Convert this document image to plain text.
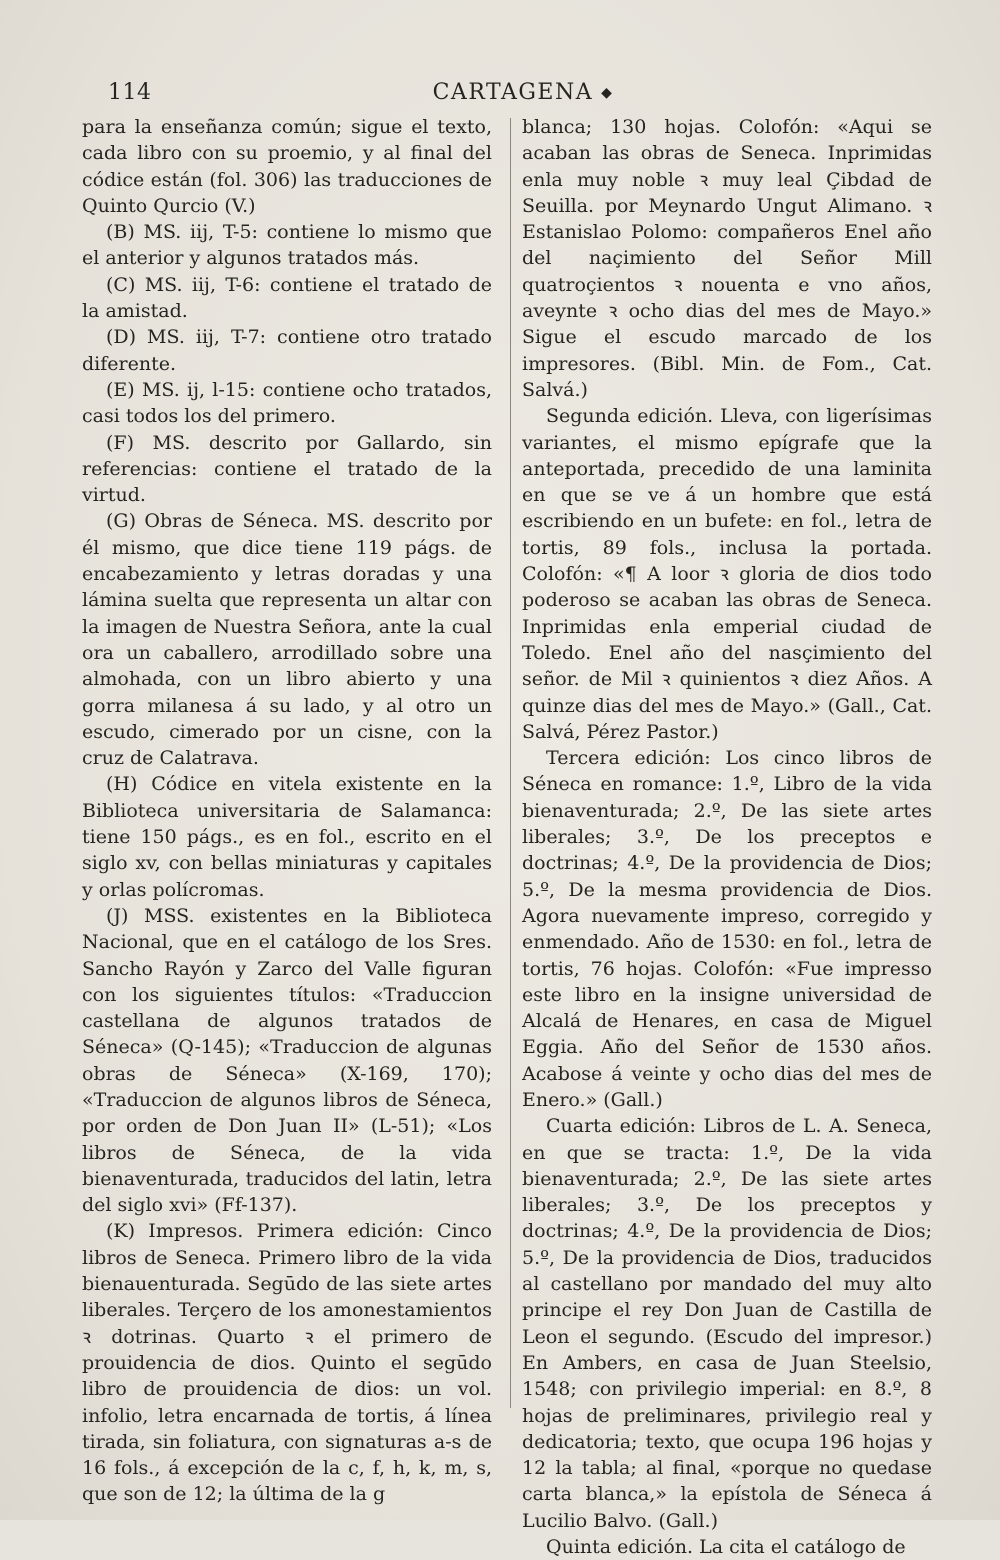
114	CARTAGENA ◆

para la enseñanza común; sigue el texto, cada libro con su proemio, y al final del códice están (fol. 306) las traducciones de Quinto Qurcio (V.)

(B) MS. iij, T-5: contiene lo mismo que el anterior y algunos tratados más.

(C) MS. iij, T-6: contiene el tratado de la amistad.

(D) MS. iij, T-7: contiene otro tratado diferente.

(E) MS. ij, l-15: contiene ocho tratados, casi todos los del primero.

(F) MS. descrito por Gallardo, sin referencias: contiene el tratado de la virtud.

(G) Obras de Séneca. MS. descrito por él mismo, que dice tiene 119 págs. de encabezamiento y letras doradas y una lámina suelta que representa un altar con la imagen de Nuestra Señora, ante la cual ora un caballero, arrodillado sobre una almohada, con un libro abierto y una gorra milanesa á su lado, y al otro un escudo, cimerado por un cisne, con la cruz de Calatrava.

(H) Códice en vitela existente en la Biblioteca universitaria de Salamanca: tiene 150 págs., es en fol., escrito en el siglo xv, con bellas miniaturas y capitales y orlas polícromas.

(J) MSS. existentes en la Biblioteca Nacional, que en el catálogo de los Sres. Sancho Rayón y Zarco del Valle figuran con los siguientes títulos: «Traduccion castellana de algunos tratados de Séneca» (Q-145); «Traduccion de algunas obras de Séneca» (X-169, 170); «Traduccion de algunos libros de Séneca, por orden de Don Juan II» (L-51); «Los libros de Séneca, de la vida bienaventurada, traducidos del latin, letra del siglo xvi» (Ff-137).

(K) Impresos. Primera edición: Cinco libros de Seneca. Primero libro de la vida bienauenturada. Segūdo de las siete artes liberales. Terçero de los amonestamientos ꝛ dotrinas. Quarto ꝛ el primero de prouidencia de dios. Quinto el segūdo libro de prouidencia de dios: un vol. infolio, letra encarnada de tortis, á línea tirada, sin foliatura, con signaturas a-s de 16 fols., á excepción de la c, f, h, k, m, s, que son de 12; la última de la g

blanca; 130 hojas. Colofón: «Aqui se acaban las obras de Seneca. Inprimidas enla muy noble ꝛ muy leal Çibdad de Seuilla. por Meynardo Ungut Alimano. ꝛ Estanislao Polomo: compañeros Enel año del naçimiento del Señor Mill quatroçientos ꝛ nouenta e vno años, aveynte ꝛ ocho dias del mes de Mayo.» Sigue el escudo marcado de los impresores. (Bibl. Min. de Fom., Cat. Salvá.)

Segunda edición. Lleva, con ligerísimas variantes, el mismo epígrafe que la anteportada, precedido de una laminita en que se ve á un hombre que está escribiendo en un bufete: en fol., letra de tortis, 89 fols., inclusa la portada. Colofón: «¶ A loor ꝛ gloria de dios todo poderoso se acaban las obras de Seneca. Inprimidas enla emperial ciudad de Toledo. Enel año del nasçimiento del señor. de Mil ꝛ quinientos ꝛ diez Años. A quinze dias del mes de Mayo.» (Gall., Cat. Salvá, Pérez Pastor.)

Tercera edición: Los cinco libros de Séneca en romance: 1.º, Libro de la vida bienaventurada; 2.º, De las siete artes liberales; 3.º, De los preceptos e doctrinas; 4.º, De la providencia de Dios; 5.º, De la mesma providencia de Dios. Agora nuevamente impreso, corregido y enmendado. Año de 1530: en fol., letra de tortis, 76 hojas. Colofón: «Fue impresso este libro en la insigne universidad de Alcalá de Henares, en casa de Miguel Eggia. Año del Señor de 1530 años. Acabose á veinte y ocho dias del mes de Enero.» (Gall.)

Cuarta edición: Libros de L. A. Seneca, en que se tracta: 1.º, De la vida bienaventurada; 2.º, De las siete artes liberales; 3.º, De los preceptos y doctrinas; 4.º, De la providencia de Dios; 5.º, De la providencia de Dios, traducidos al castellano por mandado del muy alto principe el rey Don Juan de Castilla de Leon el segundo. (Escudo del impresor.) En Ambers, en casa de Juan Steelsio, 1548; con privilegio imperial: en 8.º, 8 hojas de preliminares, privilegio real y dedicatoria; texto, que ocupa 196 hojas y 12 la tabla; al final, «porque no quedase carta blanca,» la epístola de Séneca á Lucilio Balvo. (Gall.)

Quinta edición. La cita el catálogo de
